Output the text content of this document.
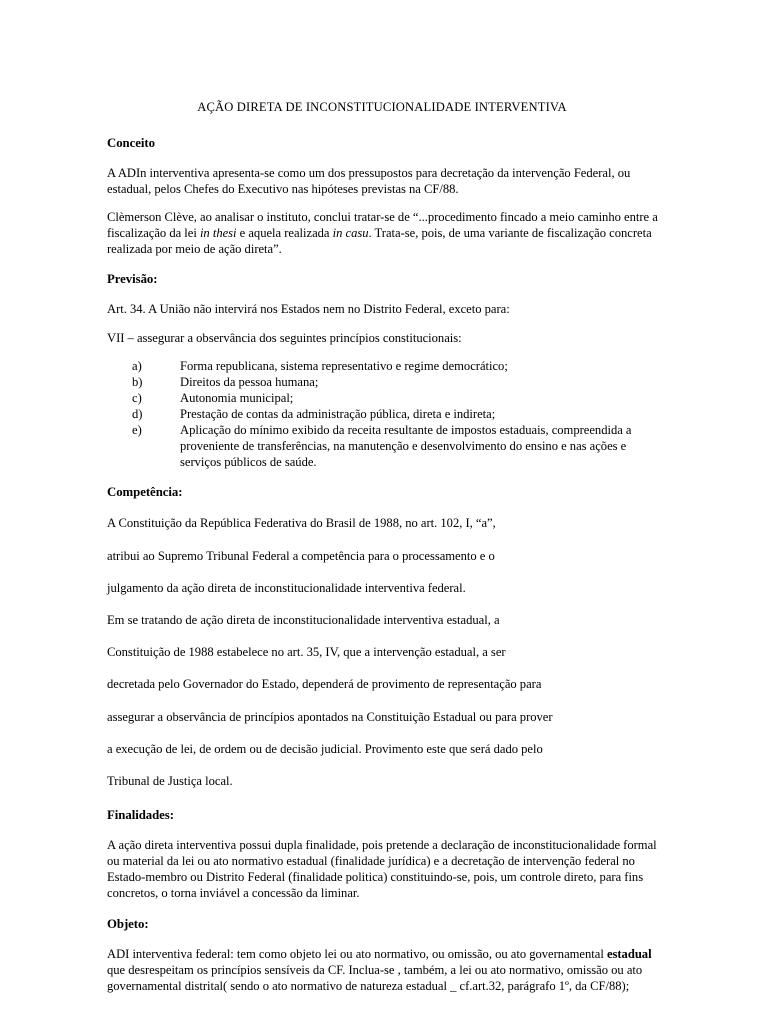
AÇÃO DIRETA DE INCONSTITUCIONALIDADE INTERVENTIVA
Conceito
A ADIn interventiva apresenta-se como um dos pressupostos para decretação da intervenção Federal, ou estadual, pelos Chefes do Executivo nas hipóteses previstas na CF/88.
Clèmerson Clève, ao analisar o instituto, conclui tratar-se de “...procedimento fincado a meio caminho entre a fiscalização da lei in thesi e aquela realizada in casu. Trata-se, pois, de uma variante de fiscalização concreta realizada por meio de ação direta”.
Previsão:
Art. 34. A União não intervirá nos Estados nem no Distrito Federal, exceto para:
VII – assegurar a observância dos seguintes princípios constitucionais:
a)	Forma republicana, sistema representativo e regime democrático;
b)	Direitos da pessoa humana;
c)	Autonomia municipal;
d)	Prestação de contas da administração pública, direta e indireta;
e)	Aplicação do mínimo exibido da receita resultante de impostos estaduais, compreendida a proveniente de transferências, na manutenção e desenvolvimento do ensino e nas ações e serviços públicos de saúde.
Competência:
A Constituição da República Federativa do Brasil de 1988, no art. 102, I, “a”,
atribui ao Supremo Tribunal Federal a competência para o processamento e o
julgamento da ação direta de inconstitucionalidade interventiva federal.
Em se tratando de ação direta de inconstitucionalidade interventiva estadual, a
Constituição de 1988 estabelece no art. 35, IV, que a intervenção estadual, a ser
decretada pelo Governador do Estado, dependerá de provimento de representação para
assegurar a observância de princípios apontados na Constituição Estadual ou para prover
a execução de lei, de ordem ou de decisão judicial. Provimento este que será dado pelo
Tribunal de Justiça local.
Finalidades:
A ação direta interventiva possui dupla finalidade, pois pretende a declaração de inconstitucionalidade formal ou material da lei ou ato normativo estadual (finalidade jurídica) e a decretação de intervenção federal no Estado-membro ou Distrito Federal (finalidade politica) constituindo-se, pois, um controle direto, para fins concretos, o torna inviável a concessão da liminar.
Objeto:
ADI interventiva federal: tem como objeto lei ou ato normativo, ou omissão, ou ato governamental estadual que desrespeitam os princípios sensíveis da CF. Inclua-se , também, a lei ou ato normativo, omissão ou ato governamental distrital( sendo o ato normativo de natureza estadual _ cf.art.32, parágrafo 1º, da CF/88);
